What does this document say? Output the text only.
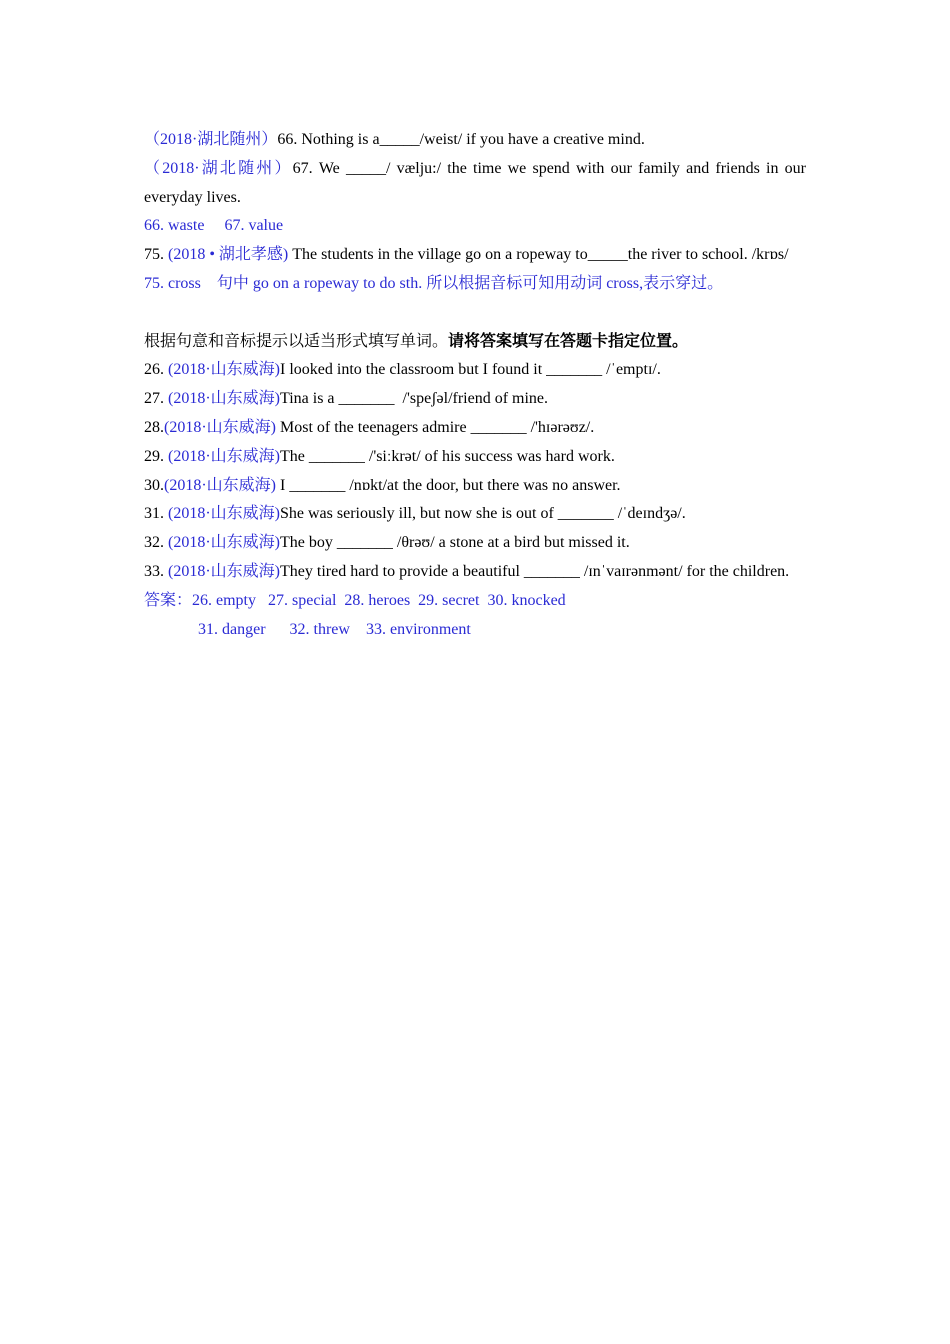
（2018·湖北随州）66. Nothing is a_____/weist/ if you have a creative mind.
（2018·湖北随州）67. We _____/ vælju:/ the time we spend with our family and friends in our everyday lives.
66. waste 67. value
75. (2018 • 湖北孝感) The students in the village go on a ropeway to_____the river to school. /krɒs/
75. cross    句中 go on a ropeway to do sth. 所以根据音标可知用动词 cross,表示穿过。
根据句意和音标提示以适当形式填写单词。请将答案填写在答题卡指定位置。
26. (2018·山东威海)I looked into the classroom but I found it _______ /ˈemptɪ/.
27. (2018·山东威海)Tina is a _______  /'speʃəl/friend of mine.
28.(2018·山东威海) Most of the teenagers admire _______ /'hɪərəʊz/.
29. (2018·山东威海)The _______ /'siːkrət/ of his success was hard work.
30.(2018·山东威海) I _______ /nɒkt/at the door, but there was no answer.
31. (2018·山东威海)She was seriously ill, but now she is out of _______ /ˈdeɪndʒə/.
32. (2018·山东威海)The boy _______ /θrəʊ/ a stone at a bird but missed it.
33. (2018·山东威海)They tired hard to provide a beautiful _______ /ɪnˈvaɪrənmənt/ for the children.
答案：26. empty   27. special  28. heroes  29. secret  30. knocked
31. danger      32. threw    33. environment
